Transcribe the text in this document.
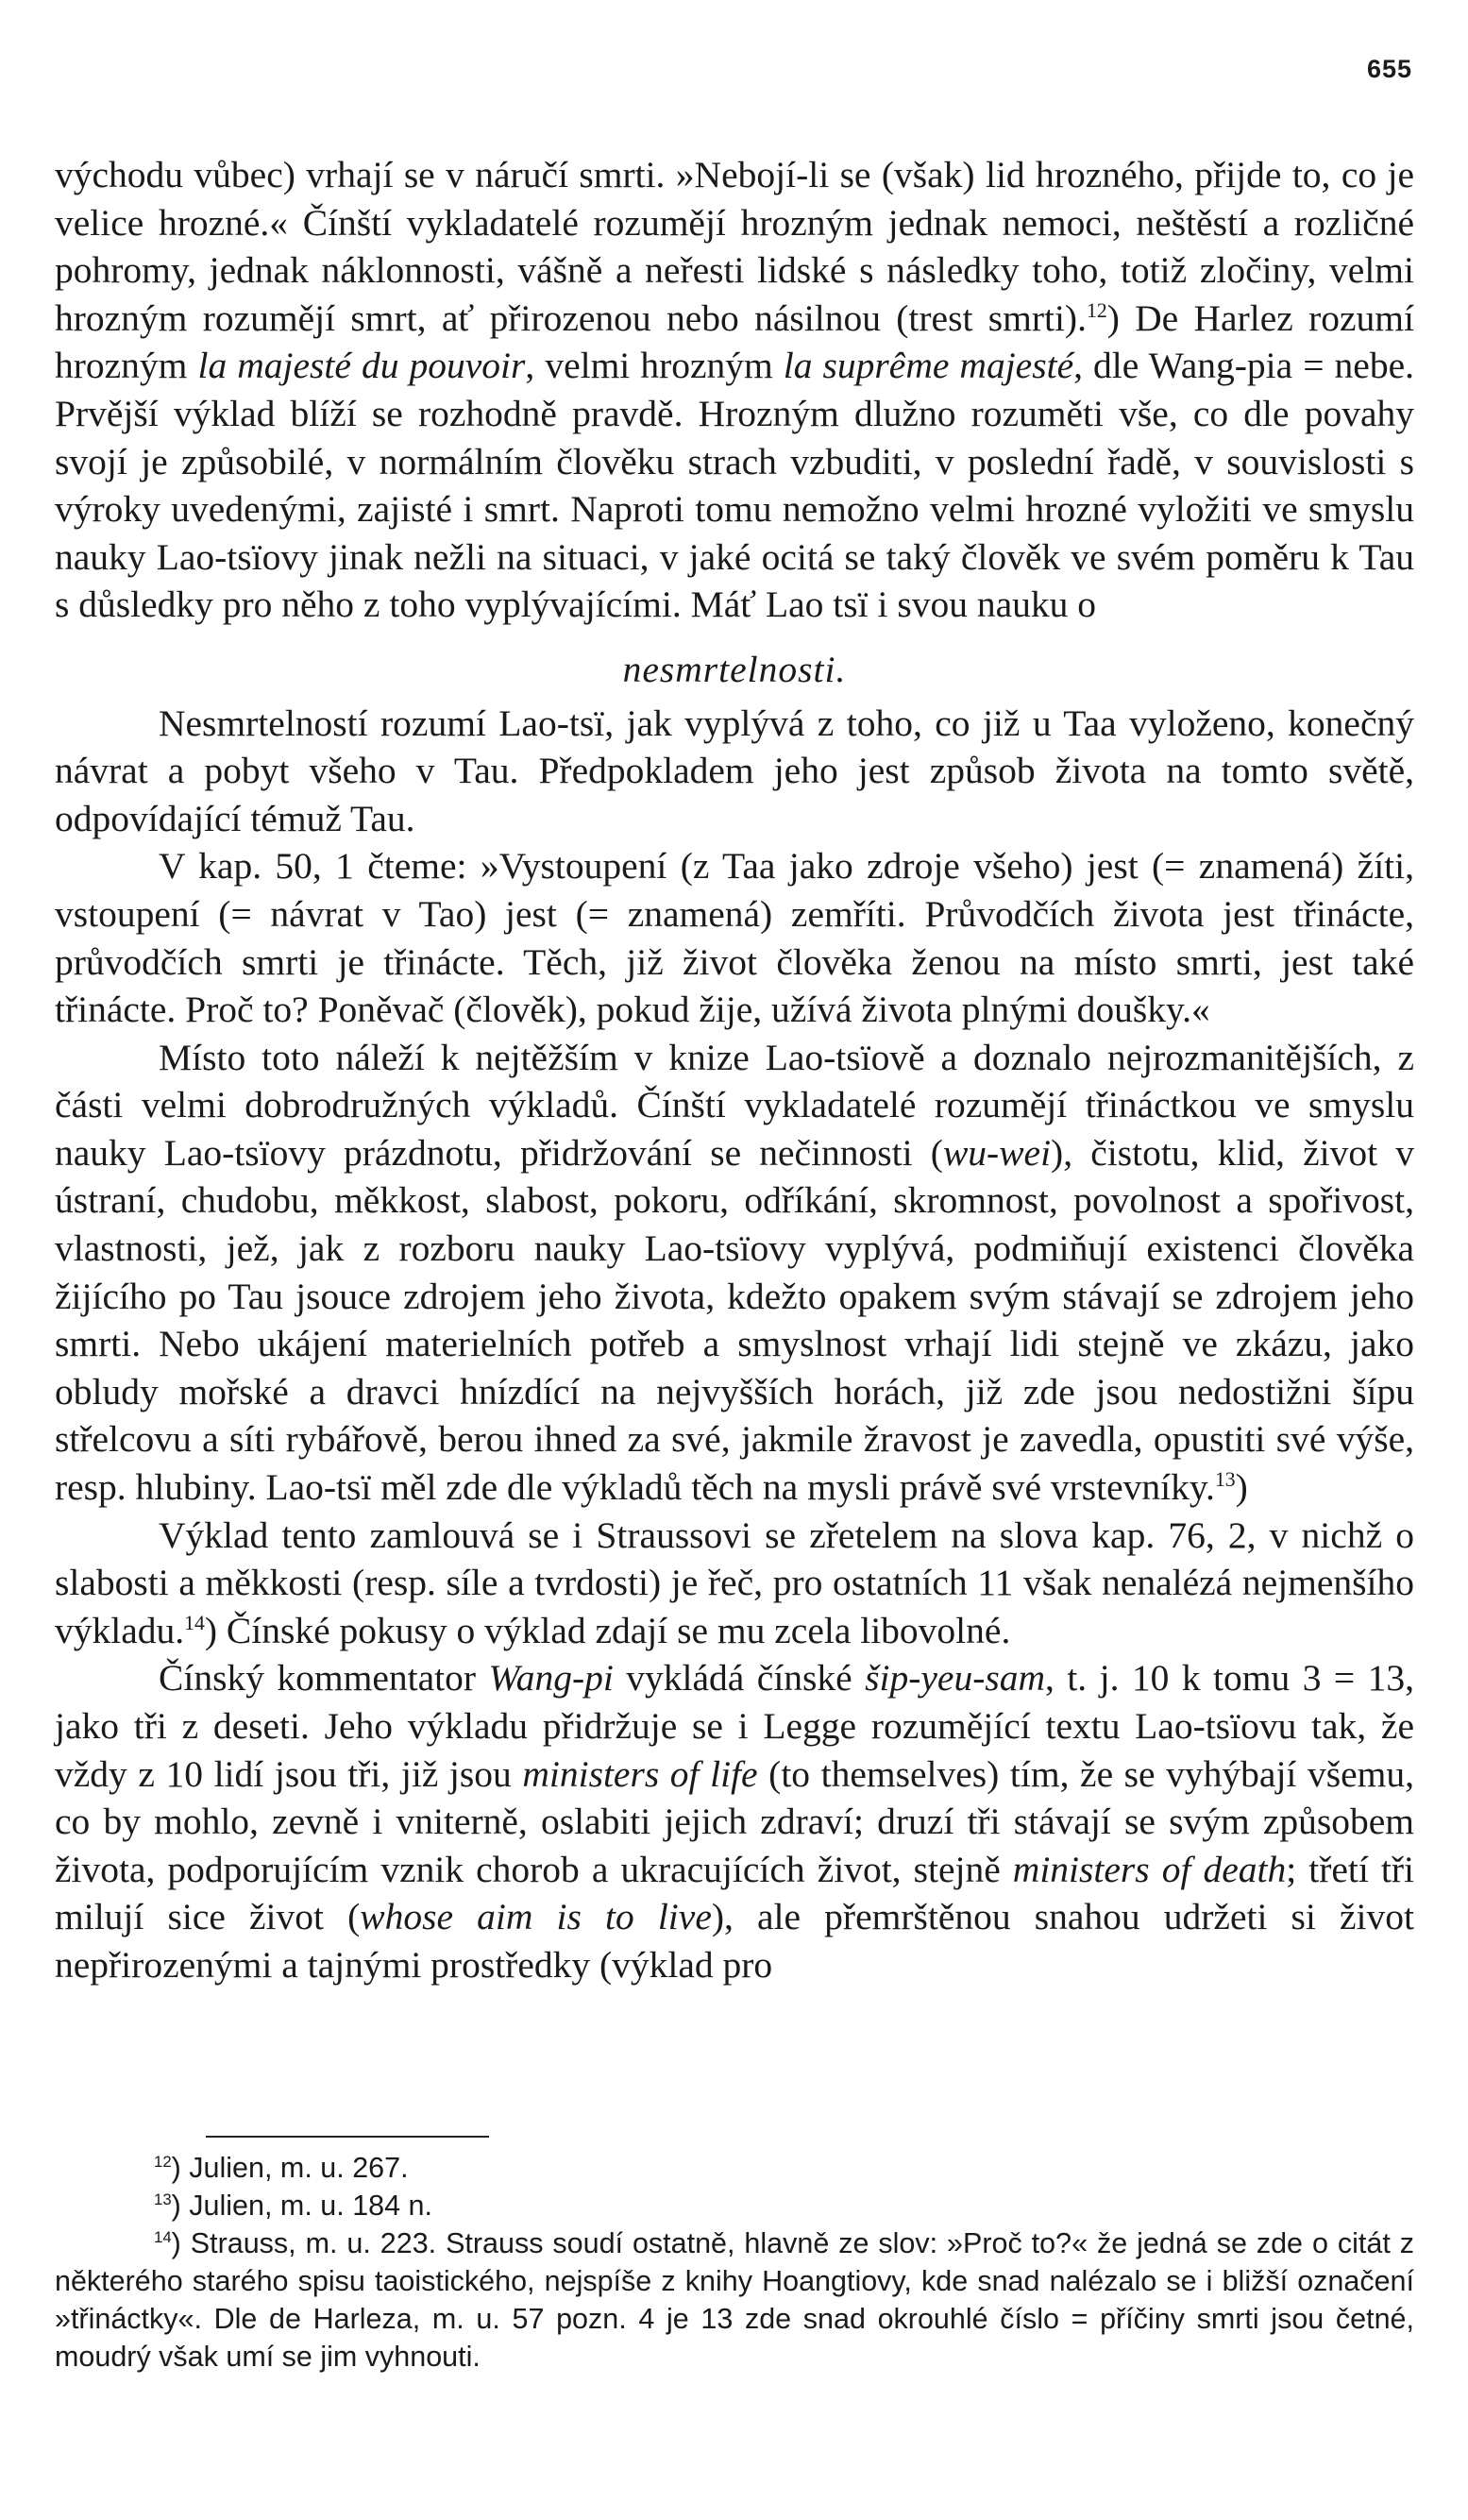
655

východu vůbec) vrhají se v náručí smrti. »Nebojí-li se (však) lid hrozného, přijde to, co je velice hrozné.« Čínští vykladatelé rozumějí hrozným jednak nemoci, neštěstí a rozličné pohromy, jednak náklonnosti, vášně a neřesti lidské s následky toho, totiž zločiny, velmi hrozným rozumějí smrt, ať přirozenou nebo násilnou (trest smrti).$^{12}$) De Harlez rozumí hrozným la majesté du pouvoir, velmi hrozným la suprême majesté, dle Wang-pia = nebe. Prvější výklad blíží se rozhodně pravdě. Hrozným dlužno rozuměti vše, co dle povahy svojí je způsobilé, v normálním člověku strach vzbuditi, v poslední řadě, v souvislosti s výroky uvedenými, zajisté i smrt. Naproti tomu nemožno velmi hrozné vyložiti ve smyslu nauky Lao-tsïovy jinak nežli na situaci, v jaké ocitá se taký člověk ve svém poměru k Tau s důsledky pro něho z toho vyplývajícími. Máť Lao tsï i svou nauku o

nesmrtelnosti.

Nesmrtelností rozumí Lao-tsï, jak vyplývá z toho, co již u Taa vyloženo, konečný návrat a pobyt všeho v Tau. Předpokladem jeho jest způsob života na tomto světě, odpovídající témuž Tau.

V kap. 50, 1 čteme: »Vystoupení (z Taa jako zdroje všeho) jest (= znamená) žíti, vstoupení (= návrat v Tao) jest (= znamená) zemříti. Průvodčích života jest třinácte, průvodčích smrti je třinácte. Těch, již život člověka ženou na místo smrti, jest také třinácte. Proč to? Poněvač (člověk), pokud žije, užívá života plnými doušky.«

Místo toto náleží k nejtěžším v knize Lao-tsïově a doznalo nejrozmanitějších, z části velmi dobrodružných výkladů. Čínští vykladatelé rozumějí třináctkou ve smyslu nauky Lao-tsïovy prázdnotu, přidržování se nečinnosti (wu-wei), čistotu, klid, život v ústraní, chudobu, měkkost, slabost, pokoru, odříkání, skromnost, povolnost a spořivost, vlastnosti, jež, jak z rozboru nauky Lao-tsïovy vyplývá, podmiňují existenci člověka žijícího po Tau jsouce zdrojem jeho života, kdežto opakem svým stávají se zdrojem jeho smrti. Nebo ukájení materielních potřeb a smyslnost vrhají lidi stejně ve zkázu, jako obludy mořské a dravci hnízdící na nejvyšších horách, již zde jsou nedostižni šípu střelcovu a síti rybářově, berou ihned za své, jakmile žravost je zavedla, opustiti své výše, resp. hlubiny. Lao-tsï měl zde dle výkladů těch na mysli právě své vrstevníky.$^{13}$)

Výklad tento zamlouvá se i Straussovi se zřetelem na slova kap. 76, 2, v nichž o slabosti a měkkosti (resp. síle a tvrdosti) je řeč, pro ostatních 11 však nenalézá nejmenšího výkladu.$^{14}$) Čínské pokusy o výklad zdají se mu zcela libovolné.

Čínský kommentator Wang-pi vykládá čínské šip-yeu-sam, t. j. 10 k tomu 3 = 13, jako tři z deseti. Jeho výkladu přidržuje se i Legge rozumějící textu Lao-tsïovu tak, že vždy z 10 lidí jsou tři, již jsou ministers of life (to themselves) tím, že se vyhýbají všemu, co by mohlo, zevně i vniterně, oslabiti jejich zdraví; druzí tři stávají se svým způsobem života, podporujícím vznik chorob a ukracujících život, stejně ministers of death; třetí tři milují sice život (whose aim is to live), ale přemrštěnou snahou udržeti si život nepřirozenými a tajnými prostředky (výklad pro

$^{12}$) Julien, m. u. 267.

$^{13}$) Julien, m. u. 184 n.

$^{14}$) Strauss, m. u. 223. Strauss soudí ostatně, hlavně ze slov: »Proč to?« že jedná se zde o citát z některého starého spisu taoistického, nejspíše z knihy Hoangtiovy, kde snad nalézalo se i bližší označení »třináctky«. Dle de Harleza, m. u. 57 pozn. 4 je 13 zde snad okrouhlé číslo = příčiny smrti jsou četné, moudrý však umí se jim vyhnouti.
